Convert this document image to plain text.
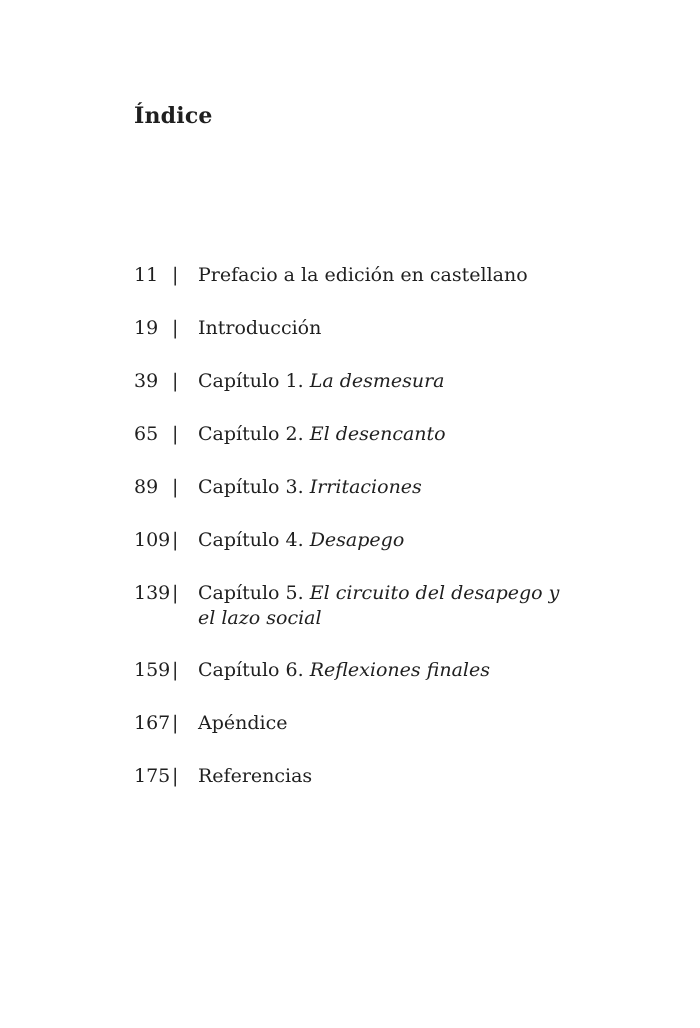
Índice
11 |	Prefacio a la edición en castellano
19 |	Introducción
39 |	Capítulo 1. La desmesura
65 |	Capítulo 2. El desencanto
89 |	Capítulo 3. Irritaciones
109 |	Capítulo 4. Desapego
139 |	Capítulo 5. El circuito del desapego y el lazo social
159 |	Capítulo 6. Reflexiones finales
167 |	Apéndice
175 |	Referencias
